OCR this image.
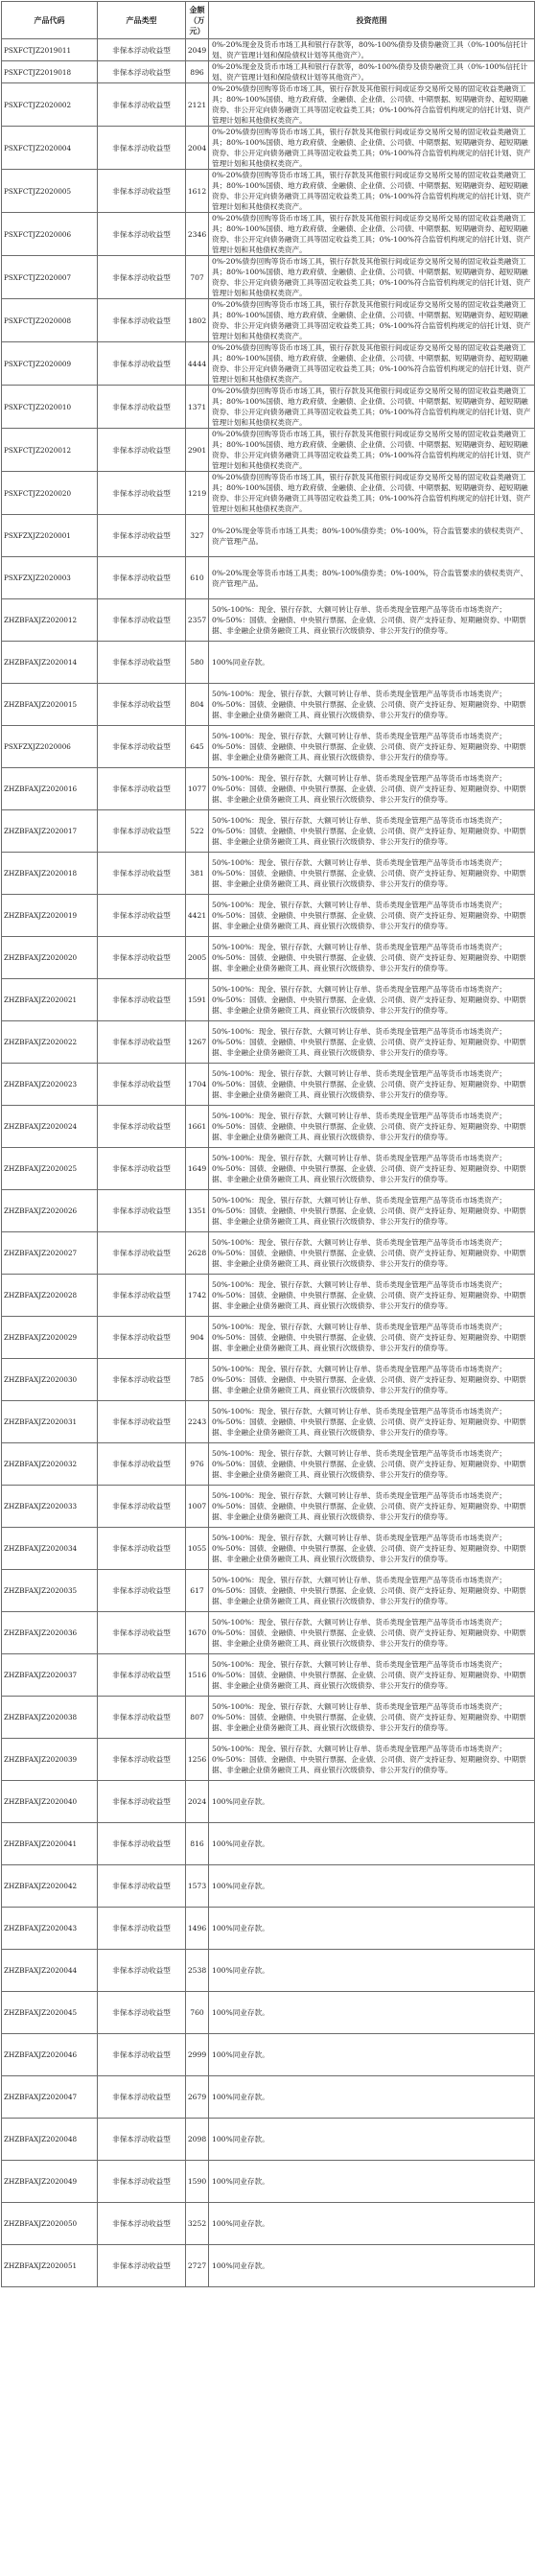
产品代码	产品类型	金额（万元）	投资范围
PSXFCTJZ2019011	非保本浮动收益型	2049	0%-20%现金及货币市场工具和银行存款等，80%-100%债券及债券融资工具（0%-100%信托计划、资产管理计划和保险债权计划等其他资产）。
PSXFCTJZ2019018	非保本浮动收益型	896	0%-20%现金及货币市场工具和银行存款等，80%-100%债券及债券融资工具（0%-100%信托计划、资产管理计划和保险债权计划等其他资产）。
PSXFCTJZ2020002	非保本浮动收益型	2121	0%-20%债券回购等货币市场工具，银行存款及其他银行间或证券交易所交易的固定收益类融资工具；80%-100%国债、地方政府债、金融债、企业债、公司债、中期票据、短期融资券、超短期融资券、非公开定向债务融资工具等固定收益类工具；0%-100%符合监管机构规定的信托计划、资产管理计划和其他债权类资产。
PSXFCTJZ2020004	非保本浮动收益型	2004	0%-20%债券回购等货币市场工具，银行存款及其他银行间或证券交易所交易的固定收益类融资工具；80%-100%国债、地方政府债、金融债、企业债、公司债、中期票据、短期融资券、超短期融资券、非公开定向债务融资工具等固定收益类工具；0%-100%符合监管机构规定的信托计划、资产管理计划和其他债权类资产。
PSXFCTJZ2020005	非保本浮动收益型	1612	0%-20%债券回购等货币市场工具，银行存款及其他银行间或证券交易所交易的固定收益类融资工具；80%-100%国债、地方政府债、金融债、企业债、公司债、中期票据、短期融资券、超短期融资券、非公开定向债务融资工具等固定收益类工具；0%-100%符合监管机构规定的信托计划、资产管理计划和其他债权类资产。
PSXFCTJZ2020006	非保本浮动收益型	2346	0%-20%债券回购等货币市场工具，银行存款及其他银行间或证券交易所交易的固定收益类融资工具；80%-100%国债、地方政府债、金融债、企业债、公司债、中期票据、短期融资券、超短期融资券、非公开定向债务融资工具等固定收益类工具；0%-100%符合监管机构规定的信托计划、资产管理计划和其他债权类资产。
PSXFCTJZ2020007	非保本浮动收益型	707	0%-20%债券回购等货币市场工具，银行存款及其他银行间或证券交易所交易的固定收益类融资工具；80%-100%国债、地方政府债、金融债、企业债、公司债、中期票据、短期融资券、超短期融资券、非公开定向债务融资工具等固定收益类工具；0%-100%符合监管机构规定的信托计划、资产管理计划和其他债权类资产。
PSXFCTJZ2020008	非保本浮动收益型	1802	0%-20%债券回购等货币市场工具，银行存款及其他银行间或证券交易所交易的固定收益类融资工具；80%-100%国债、地方政府债、金融债、企业债、公司债、中期票据、短期融资券、超短期融资券、非公开定向债务融资工具等固定收益类工具；0%-100%符合监管机构规定的信托计划、资产管理计划和其他债权类资产。
PSXFCTJZ2020009	非保本浮动收益型	4444	0%-20%债券回购等货币市场工具，银行存款及其他银行间或证券交易所交易的固定收益类融资工具；80%-100%国债、地方政府债、金融债、企业债、公司债、中期票据、短期融资券、超短期融资券、非公开定向债务融资工具等固定收益类工具；0%-100%符合监管机构规定的信托计划、资产管理计划和其他债权类资产。
PSXFCTJZ2020010	非保本浮动收益型	1371	0%-20%债券回购等货币市场工具，银行存款及其他银行间或证券交易所交易的固定收益类融资工具；80%-100%国债、地方政府债、金融债、企业债、公司债、中期票据、短期融资券、超短期融资券、非公开定向债务融资工具等固定收益类工具；0%-100%符合监管机构规定的信托计划、资产管理计划和其他债权类资产。
PSXFCTJZ2020012	非保本浮动收益型	2901	0%-20%债券回购等货币市场工具，银行存款及其他银行间或证券交易所交易的固定收益类融资工具；80%-100%国债、地方政府债、金融债、企业债、公司债、中期票据、短期融资券、超短期融资券、非公开定向债务融资工具等固定收益类工具；0%-100%符合监管机构规定的信托计划、资产管理计划和其他债权类资产。
PSXFCTJZ2020020	非保本浮动收益型	1219	0%-20%债券回购等货币市场工具，银行存款及其他银行间或证券交易所交易的固定收益类融资工具；80%-100%国债、地方政府债、金融债、企业债、公司债、中期票据、短期融资券、超短期融资券、非公开定向债务融资工具等固定收益类工具；0%-100%符合监管机构规定的信托计划、资产管理计划和其他债权类资产。
PSXFZXJZ2020001	非保本浮动收益型	327	0%-20%现金等货币市场工具类；80%-100%债券类；0%-100%，符合监管要求的债权类资产、资产管理产品。
PSXFZXJZ2020003	非保本浮动收益型	610	0%-20%现金等货币市场工具类；80%-100%债券类；0%-100%，符合监管要求的债权类资产、资产管理产品。
ZHZBFAXJZ2020012	非保本浮动收益型	2357	50%-100%：现金、银行存款、大额可转让存单、货币类现金管理产品等货币市场类资产；0%-50%：国债、金融债、中央银行票据、企业债、公司债、资产支持证券、短期融资券、中期票据、非金融企业债务融资工具、商业银行次级债券、非公开发行的债券等。
ZHZBFAXJZ2020014	非保本浮动收益型	580	100%同业存款。
ZHZBFAXJZ2020015	非保本浮动收益型	804	50%-100%：现金、银行存款、大额可转让存单、货币类现金管理产品等货币市场类资产；0%-50%：国债、金融债、中央银行票据、企业债、公司债、资产支持证券、短期融资券、中期票据、非金融企业债务融资工具、商业银行次级债券、非公开发行的债券等。
PSXFZXJZ2020006	非保本浮动收益型	645	50%-100%：现金、银行存款、大额可转让存单、货币类现金管理产品等货币市场类资产；0%-50%：国债、金融债、中央银行票据、企业债、公司债、资产支持证券、短期融资券、中期票据、非金融企业债务融资工具、商业银行次级债券、非公开发行的债券等。
ZHZBFAXJZ2020016	非保本浮动收益型	1077	50%-100%：现金、银行存款、大额可转让存单、货币类现金管理产品等货币市场类资产；0%-50%：国债、金融债、中央银行票据、企业债、公司债、资产支持证券、短期融资券、中期票据、非金融企业债务融资工具、商业银行次级债券、非公开发行的债券等。
ZHZBFAXJZ2020017	非保本浮动收益型	522	50%-100%：现金、银行存款、大额可转让存单、货币类现金管理产品等货币市场类资产；0%-50%：国债、金融债、中央银行票据、企业债、公司债、资产支持证券、短期融资券、中期票据、非金融企业债务融资工具、商业银行次级债券、非公开发行的债券等。
ZHZBFAXJZ2020018	非保本浮动收益型	381	50%-100%：现金、银行存款、大额可转让存单、货币类现金管理产品等货币市场类资产；0%-50%：国债、金融债、中央银行票据、企业债、公司债、资产支持证券、短期融资券、中期票据、非金融企业债务融资工具、商业银行次级债券、非公开发行的债券等。
ZHZBFAXJZ2020019	非保本浮动收益型	4421	50%-100%：现金、银行存款、大额可转让存单、货币类现金管理产品等货币市场类资产；0%-50%：国债、金融债、中央银行票据、企业债、公司债、资产支持证券、短期融资券、中期票据、非金融企业债务融资工具、商业银行次级债券、非公开发行的债券等。
ZHZBFAXJZ2020020	非保本浮动收益型	2005	50%-100%：现金、银行存款、大额可转让存单、货币类现金管理产品等货币市场类资产；0%-50%：国债、金融债、中央银行票据、企业债、公司债、资产支持证券、短期融资券、中期票据、非金融企业债务融资工具、商业银行次级债券、非公开发行的债券等。
ZHZBFAXJZ2020021	非保本浮动收益型	1591	50%-100%：现金、银行存款、大额可转让存单、货币类现金管理产品等货币市场类资产；0%-50%：国债、金融债、中央银行票据、企业债、公司债、资产支持证券、短期融资券、中期票据、非金融企业债务融资工具、商业银行次级债券、非公开发行的债券等。
ZHZBFAXJZ2020022	非保本浮动收益型	1267	50%-100%：现金、银行存款、大额可转让存单、货币类现金管理产品等货币市场类资产；0%-50%：国债、金融债、中央银行票据、企业债、公司债、资产支持证券、短期融资券、中期票据、非金融企业债务融资工具、商业银行次级债券、非公开发行的债券等。
ZHZBFAXJZ2020023	非保本浮动收益型	1704	50%-100%：现金、银行存款、大额可转让存单、货币类现金管理产品等货币市场类资产；0%-50%：国债、金融债、中央银行票据、企业债、公司债、资产支持证券、短期融资券、中期票据、非金融企业债务融资工具、商业银行次级债券、非公开发行的债券等。
ZHZBFAXJZ2020024	非保本浮动收益型	1661	50%-100%：现金、银行存款、大额可转让存单、货币类现金管理产品等货币市场类资产；0%-50%：国债、金融债、中央银行票据、企业债、公司债、资产支持证券、短期融资券、中期票据、非金融企业债务融资工具、商业银行次级债券、非公开发行的债券等。
ZHZBFAXJZ2020025	非保本浮动收益型	1649	50%-100%：现金、银行存款、大额可转让存单、货币类现金管理产品等货币市场类资产；0%-50%：国债、金融债、中央银行票据、企业债、公司债、资产支持证券、短期融资券、中期票据、非金融企业债务融资工具、商业银行次级债券、非公开发行的债券等。
ZHZBFAXJZ2020026	非保本浮动收益型	1351	50%-100%：现金、银行存款、大额可转让存单、货币类现金管理产品等货币市场类资产；0%-50%：国债、金融债、中央银行票据、企业债、公司债、资产支持证券、短期融资券、中期票据、非金融企业债务融资工具、商业银行次级债券、非公开发行的债券等。
ZHZBFAXJZ2020027	非保本浮动收益型	2628	50%-100%：现金、银行存款、大额可转让存单、货币类现金管理产品等货币市场类资产；0%-50%：国债、金融债、中央银行票据、企业债、公司债、资产支持证券、短期融资券、中期票据、非金融企业债务融资工具、商业银行次级债券、非公开发行的债券等。
ZHZBFAXJZ2020028	非保本浮动收益型	1742	50%-100%：现金、银行存款、大额可转让存单、货币类现金管理产品等货币市场类资产；0%-50%：国债、金融债、中央银行票据、企业债、公司债、资产支持证券、短期融资券、中期票据、非金融企业债务融资工具、商业银行次级债券、非公开发行的债券等。
ZHZBFAXJZ2020029	非保本浮动收益型	904	50%-100%：现金、银行存款、大额可转让存单、货币类现金管理产品等货币市场类资产；0%-50%：国债、金融债、中央银行票据、企业债、公司债、资产支持证券、短期融资券、中期票据、非金融企业债务融资工具、商业银行次级债券、非公开发行的债券等。
ZHZBFAXJZ2020030	非保本浮动收益型	785	50%-100%：现金、银行存款、大额可转让存单、货币类现金管理产品等货币市场类资产；0%-50%：国债、金融债、中央银行票据、企业债、公司债、资产支持证券、短期融资券、中期票据、非金融企业债务融资工具、商业银行次级债券、非公开发行的债券等。
ZHZBFAXJZ2020031	非保本浮动收益型	2243	50%-100%：现金、银行存款、大额可转让存单、货币类现金管理产品等货币市场类资产；0%-50%：国债、金融债、中央银行票据、企业债、公司债、资产支持证券、短期融资券、中期票据、非金融企业债务融资工具、商业银行次级债券、非公开发行的债券等。
ZHZBFAXJZ2020032	非保本浮动收益型	976	50%-100%：现金、银行存款、大额可转让存单、货币类现金管理产品等货币市场类资产；0%-50%：国债、金融债、中央银行票据、企业债、公司债、资产支持证券、短期融资券、中期票据、非金融企业债务融资工具、商业银行次级债券、非公开发行的债券等。
ZHZBFAXJZ2020033	非保本浮动收益型	1007	50%-100%：现金、银行存款、大额可转让存单、货币类现金管理产品等货币市场类资产；0%-50%：国债、金融债、中央银行票据、企业债、公司债、资产支持证券、短期融资券、中期票据、非金融企业债务融资工具、商业银行次级债券、非公开发行的债券等。
ZHZBFAXJZ2020034	非保本浮动收益型	1055	50%-100%：现金、银行存款、大额可转让存单、货币类现金管理产品等货币市场类资产；0%-50%：国债、金融债、中央银行票据、企业债、公司债、资产支持证券、短期融资券、中期票据、非金融企业债务融资工具、商业银行次级债券、非公开发行的债券等。
ZHZBFAXJZ2020035	非保本浮动收益型	617	50%-100%：现金、银行存款、大额可转让存单、货币类现金管理产品等货币市场类资产；0%-50%：国债、金融债、中央银行票据、企业债、公司债、资产支持证券、短期融资券、中期票据、非金融企业债务融资工具、商业银行次级债券、非公开发行的债券等。
ZHZBFAXJZ2020036	非保本浮动收益型	1670	50%-100%：现金、银行存款、大额可转让存单、货币类现金管理产品等货币市场类资产；0%-50%：国债、金融债、中央银行票据、企业债、公司债、资产支持证券、短期融资券、中期票据、非金融企业债务融资工具、商业银行次级债券、非公开发行的债券等。
ZHZBFAXJZ2020037	非保本浮动收益型	1516	50%-100%：现金、银行存款、大额可转让存单、货币类现金管理产品等货币市场类资产；0%-50%：国债、金融债、中央银行票据、企业债、公司债、资产支持证券、短期融资券、中期票据、非金融企业债务融资工具、商业银行次级债券、非公开发行的债券等。
ZHZBFAXJZ2020038	非保本浮动收益型	807	50%-100%：现金、银行存款、大额可转让存单、货币类现金管理产品等货币市场类资产；0%-50%：国债、金融债、中央银行票据、企业债、公司债、资产支持证券、短期融资券、中期票据、非金融企业债务融资工具、商业银行次级债券、非公开发行的债券等。
ZHZBFAXJZ2020039	非保本浮动收益型	1256	50%-100%：现金、银行存款、大额可转让存单、货币类现金管理产品等货币市场类资产；0%-50%：国债、金融债、中央银行票据、企业债、公司债、资产支持证券、短期融资券、中期票据、非金融企业债务融资工具、商业银行次级债券、非公开发行的债券等。
ZHZBFAXJZ2020040	非保本浮动收益型	2024	100%同业存款。
ZHZBFAXJZ2020041	非保本浮动收益型	816	100%同业存款。
ZHZBFAXJZ2020042	非保本浮动收益型	1573	100%同业存款。
ZHZBFAXJZ2020043	非保本浮动收益型	1496	100%同业存款。
ZHZBFAXJZ2020044	非保本浮动收益型	2538	100%同业存款。
ZHZBFAXJZ2020045	非保本浮动收益型	760	100%同业存款。
ZHZBFAXJZ2020046	非保本浮动收益型	2999	100%同业存款。
ZHZBFAXJZ2020047	非保本浮动收益型	2679	100%同业存款。
ZHZBFAXJZ2020048	非保本浮动收益型	2098	100%同业存款。
ZHZBFAXJZ2020049	非保本浮动收益型	1590	100%同业存款。
ZHZBFAXJZ2020050	非保本浮动收益型	3252	100%同业存款。
ZHZBFAXJZ2020051	非保本浮动收益型	2727	100%同业存款。
